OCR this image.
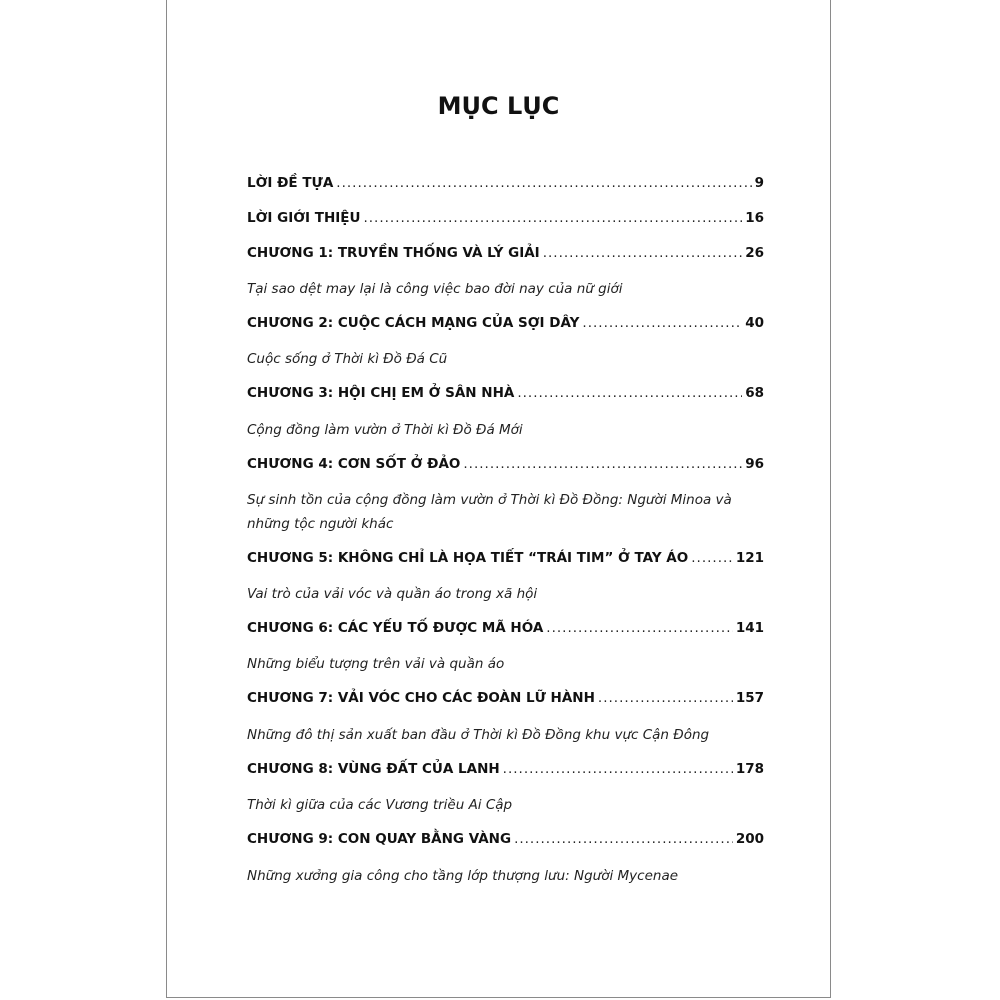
MỤC LỤC
LỜI ĐỀ TỰA .....	9
LỜI GIỚI THIỆU .....	16
CHƯƠNG 1: TRUYỀN THỐNG VÀ LÝ GIẢI .....	26
Tại sao dệt may lại là công việc bao đời nay của nữ giới
CHƯƠNG 2: CUỘC CÁCH MẠNG CỦA SỢI DÂY .....	40
Cuộc sống ở Thời kì Đồ Đá Cũ
CHƯƠNG 3: HỘI CHỊ EM Ở SÂN NHÀ .....	68
Cộng đồng làm vườn ở Thời kì Đồ Đá Mới
CHƯƠNG 4: CƠN SỐT Ở ĐẢO .....	96
Sự sinh tồn của cộng đồng làm vườn ở Thời kì Đồ Đồng: Người Minoa và những tộc người khác
CHƯƠNG 5: KHÔNG CHỈ LÀ HỌA TIẾT “TRÁI TIM” Ở TAY ÁO .....	121
Vai trò của vải vóc và quần áo trong xã hội
CHƯƠNG 6: CÁC YẾU TỐ ĐƯỢC MÃ HÓA .....	141
Những biểu tượng trên vải và quần áo
CHƯƠNG 7: VẢI VÓC CHO CÁC ĐOÀN LỮ HÀNH .....	157
Những đô thị sản xuất ban đầu ở Thời kì Đồ Đồng khu vực Cận Đông
CHƯƠNG 8: VÙNG ĐẤT CỦA LANH .....	178
Thời kì giữa của các Vương triều Ai Cập
CHƯƠNG 9: CON QUAY BẰNG VÀNG .....	200
Những xưởng gia công cho tầng lớp thượng lưu: Người Mycenae
